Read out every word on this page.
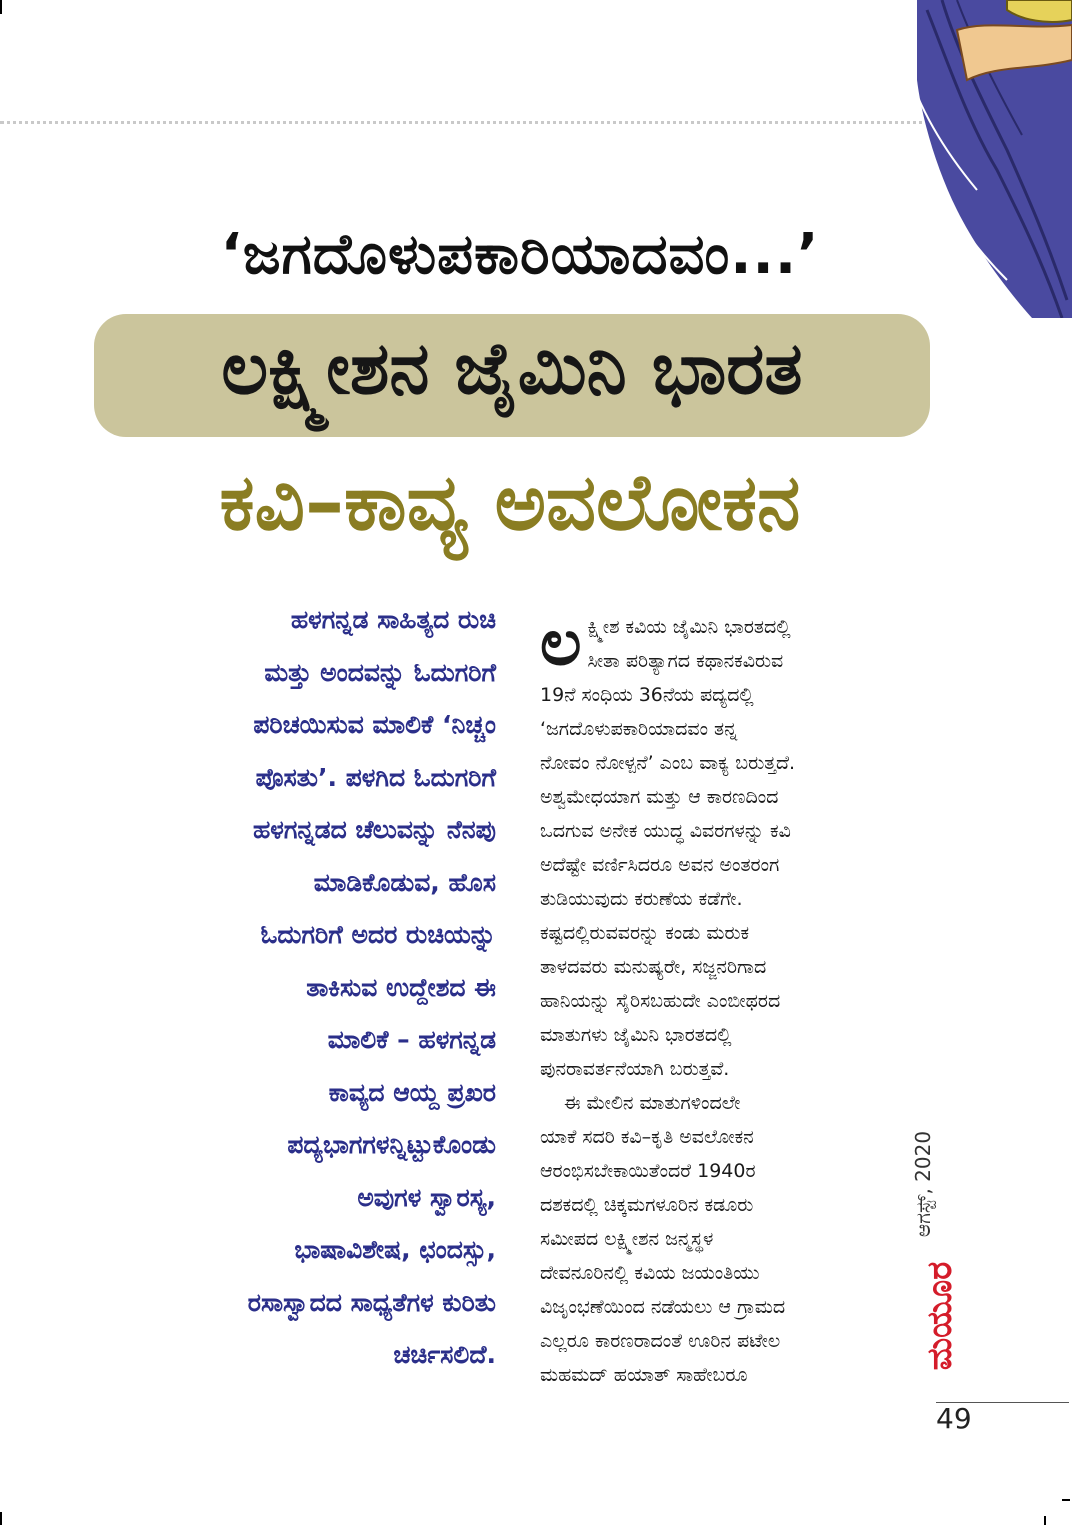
‘ಜಗದೊಳುಪಕಾರಿಯಾದವಂ...’
ಲಕ್ಷ್ಮೀಶನ ಜೈಮಿನಿ ಭಾರತ
ಕವಿ–ಕಾವ್ಯ ಅವಲೋಕನ
ಹಳಗನ್ನಡ ಸಾಹಿತ್ಯದ ರುಚಿ
ಮತ್ತು ಅಂದವನ್ನು ಓದುಗರಿಗೆ
ಪರಿಚಯಿಸುವ ಮಾಲಿಕೆ ‘ನಿಚ್ಚಂ
ಪೊಸತು’. ಪಳಗಿದ ಓದುಗರಿಗೆ
ಹಳಗನ್ನಡದ ಚೆಲುವನ್ನು ನೆನಪು
ಮಾಡಿಕೊಡುವ, ಹೊಸ
ಓದುಗರಿಗೆ ಅದರ ರುಚಿಯನ್ನು
ತಾಕಿಸುವ ಉದ್ದೇಶದ ಈ
ಮಾಲಿಕೆ – ಹಳಗನ್ನಡ
ಕಾವ್ಯದ ಆಯ್ದ ಪ್ರಖರ
ಪದ್ಯಭಾಗಗಳನ್ನಿಟ್ಟುಕೊಂಡು
ಅವುಗಳ ಸ್ವಾರಸ್ಯ,
ಭಾಷಾವಿಶೇಷ, ಛಂದಸ್ಸು,
ರಸಾಸ್ವಾದದ ಸಾಧ್ಯತೆಗಳ ಕುರಿತು
ಚರ್ಚಿಸಲಿದೆ.
ಲ ಕ್ಷ್ಮೀಶ ಕವಿಯ ಜೈಮಿನಿ ಭಾರತದಲ್ಲಿ
ಸೀತಾ ಪರಿತ್ಯಾಗದ ಕಥಾನಕವಿರುವ
19ನೆ ಸಂಧಿಯ 36ನೆಯ ಪದ್ಯದಲ್ಲಿ
‘ಜಗದೊಳುಪಕಾರಿಯಾದವಂ ತನ್ನ
ನೋವಂ ನೋಳ್ಪನೆ’ ಎಂಬ ವಾಕ್ಯ ಬರುತ್ತದೆ.
ಅಶ್ವಮೇಧಯಾಗ ಮತ್ತು ಆ ಕಾರಣದಿಂದ
ಒದಗುವ ಅನೇಕ ಯುದ್ಧ ವಿವರಗಳನ್ನು ಕವಿ
ಅದೆಷ್ಟೇ ವರ್ಣಿಸಿದರೂ ಅವನ ಅಂತರಂಗ
ತುಡಿಯುವುದು ಕರುಣೆಯ ಕಡೆಗೇ.
ಕಷ್ಟದಲ್ಲಿರುವವರನ್ನು ಕಂಡು ಮರುಕ
ತಾಳದವರು ಮನುಷ್ಯರೇ, ಸಜ್ಜನರಿಗಾದ
ಹಾನಿಯನ್ನು ಸೈರಿಸಬಹುದೇ ಎಂಬೀಥರದ
ಮಾತುಗಳು ಜೈಮಿನಿ ಭಾರತದಲ್ಲಿ
ಪುನರಾವರ್ತನೆಯಾಗಿ ಬರುತ್ತವೆ.
ಈ ಮೇಲಿನ ಮಾತುಗಳಿಂದಲೇ
ಯಾಕೆ ಸದರಿ ಕವಿ–ಕೃತಿ ಅವಲೋಕನ
ಆರಂಭಿಸಬೇಕಾಯಿತೆಂದರೆ 1940ರ
ದಶಕದಲ್ಲಿ ಚಿಕ್ಕಮಗಳೂರಿನ ಕಡೂರು
ಸಮೀಪದ ಲಕ್ಷ್ಮೀಶನ ಜನ್ಮಸ್ಥಳ
ದೇವನೂರಿನಲ್ಲಿ ಕವಿಯ ಜಯಂತಿಯು
ವಿಜೃಂಭಣೆಯಿಂದ ನಡೆಯಲು ಆ ಗ್ರಾಮದ
ಎಲ್ಲರೂ ಕಾರಣರಾದಂತೆ ಊರಿನ ಪಟೇಲ
ಮಹಮದ್ ಹಯಾತ್ ಸಾಹೇಬರೂ
ಆಗಸ್ಟ್, 2020
ಮಯೂರ
49
